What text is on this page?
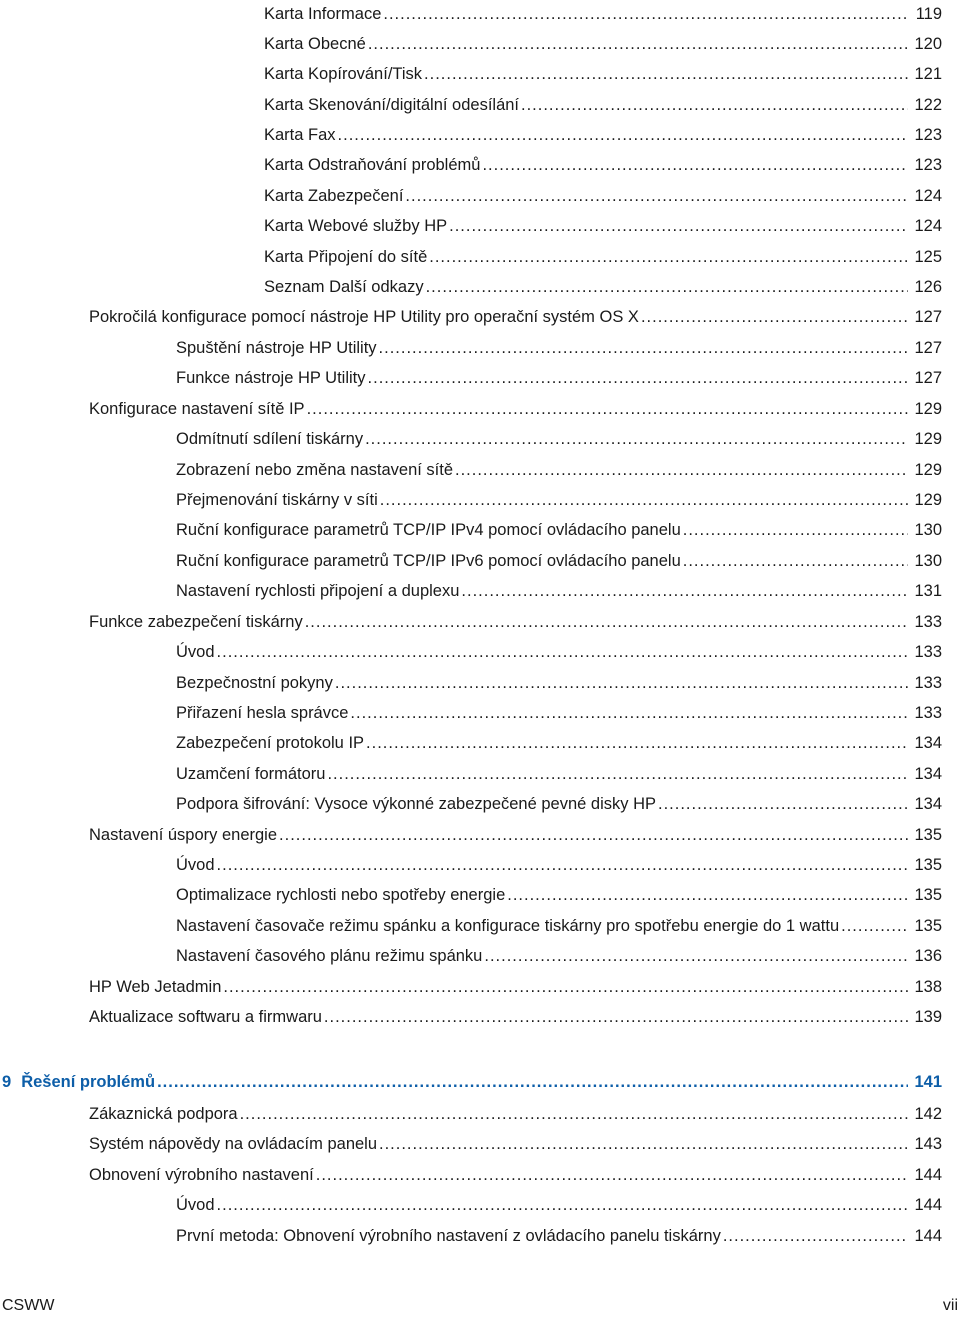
Karta Informace .....	119
Karta Obecné .....	120
Karta Kopírování/Tisk .....	121
Karta Skenování/digitální odesílání .....	122
Karta Fax .....	123
Karta Odstraňování problémů .....	123
Karta Zabezpečení .....	124
Karta Webové služby HP .....	124
Karta Připojení do sítě .....	125
Seznam Další odkazy .....	126
Pokročilá konfigurace pomocí nástroje HP Utility pro operační systém OS X .....	127
Spuštění nástroje HP Utility .....	127
Funkce nástroje HP Utility .....	127
Konfigurace nastavení sítě IP .....	129
Odmítnutí sdílení tiskárny .....	129
Zobrazení nebo změna nastavení sítě .....	129
Přejmenování tiskárny v síti .....	129
Ruční konfigurace parametrů TCP/IP IPv4 pomocí ovládacího panelu .....	130
Ruční konfigurace parametrů TCP/IP IPv6 pomocí ovládacího panelu .....	130
Nastavení rychlosti připojení a duplexu .....	131
Funkce zabezpečení tiskárny .....	133
Úvod .....	133
Bezpečnostní pokyny .....	133
Přiřazení hesla správce .....	133
Zabezpečení protokolu IP .....	134
Uzamčení formátoru .....	134
Podpora šifrování: Vysoce výkonné zabezpečené pevné disky HP .....	134
Nastavení úspory energie .....	135
Úvod .....	135
Optimalizace rychlosti nebo spotřeby energie .....	135
Nastavení časovače režimu spánku a konfigurace tiskárny pro spotřebu energie do 1 wattu .....	135
Nastavení časového plánu režimu spánku .....	136
HP Web Jetadmin .....	138
Aktualizace softwaru a firmwaru .....	139
9 Řešení problémů .....	141
Zákaznická podpora .....	142
Systém nápovědy na ovládacím panelu .....	143
Obnovení výrobního nastavení .....	144
Úvod .....	144
První metoda: Obnovení výrobního nastavení z ovládacího panelu tiskárny .....	144
CSWW	vii
